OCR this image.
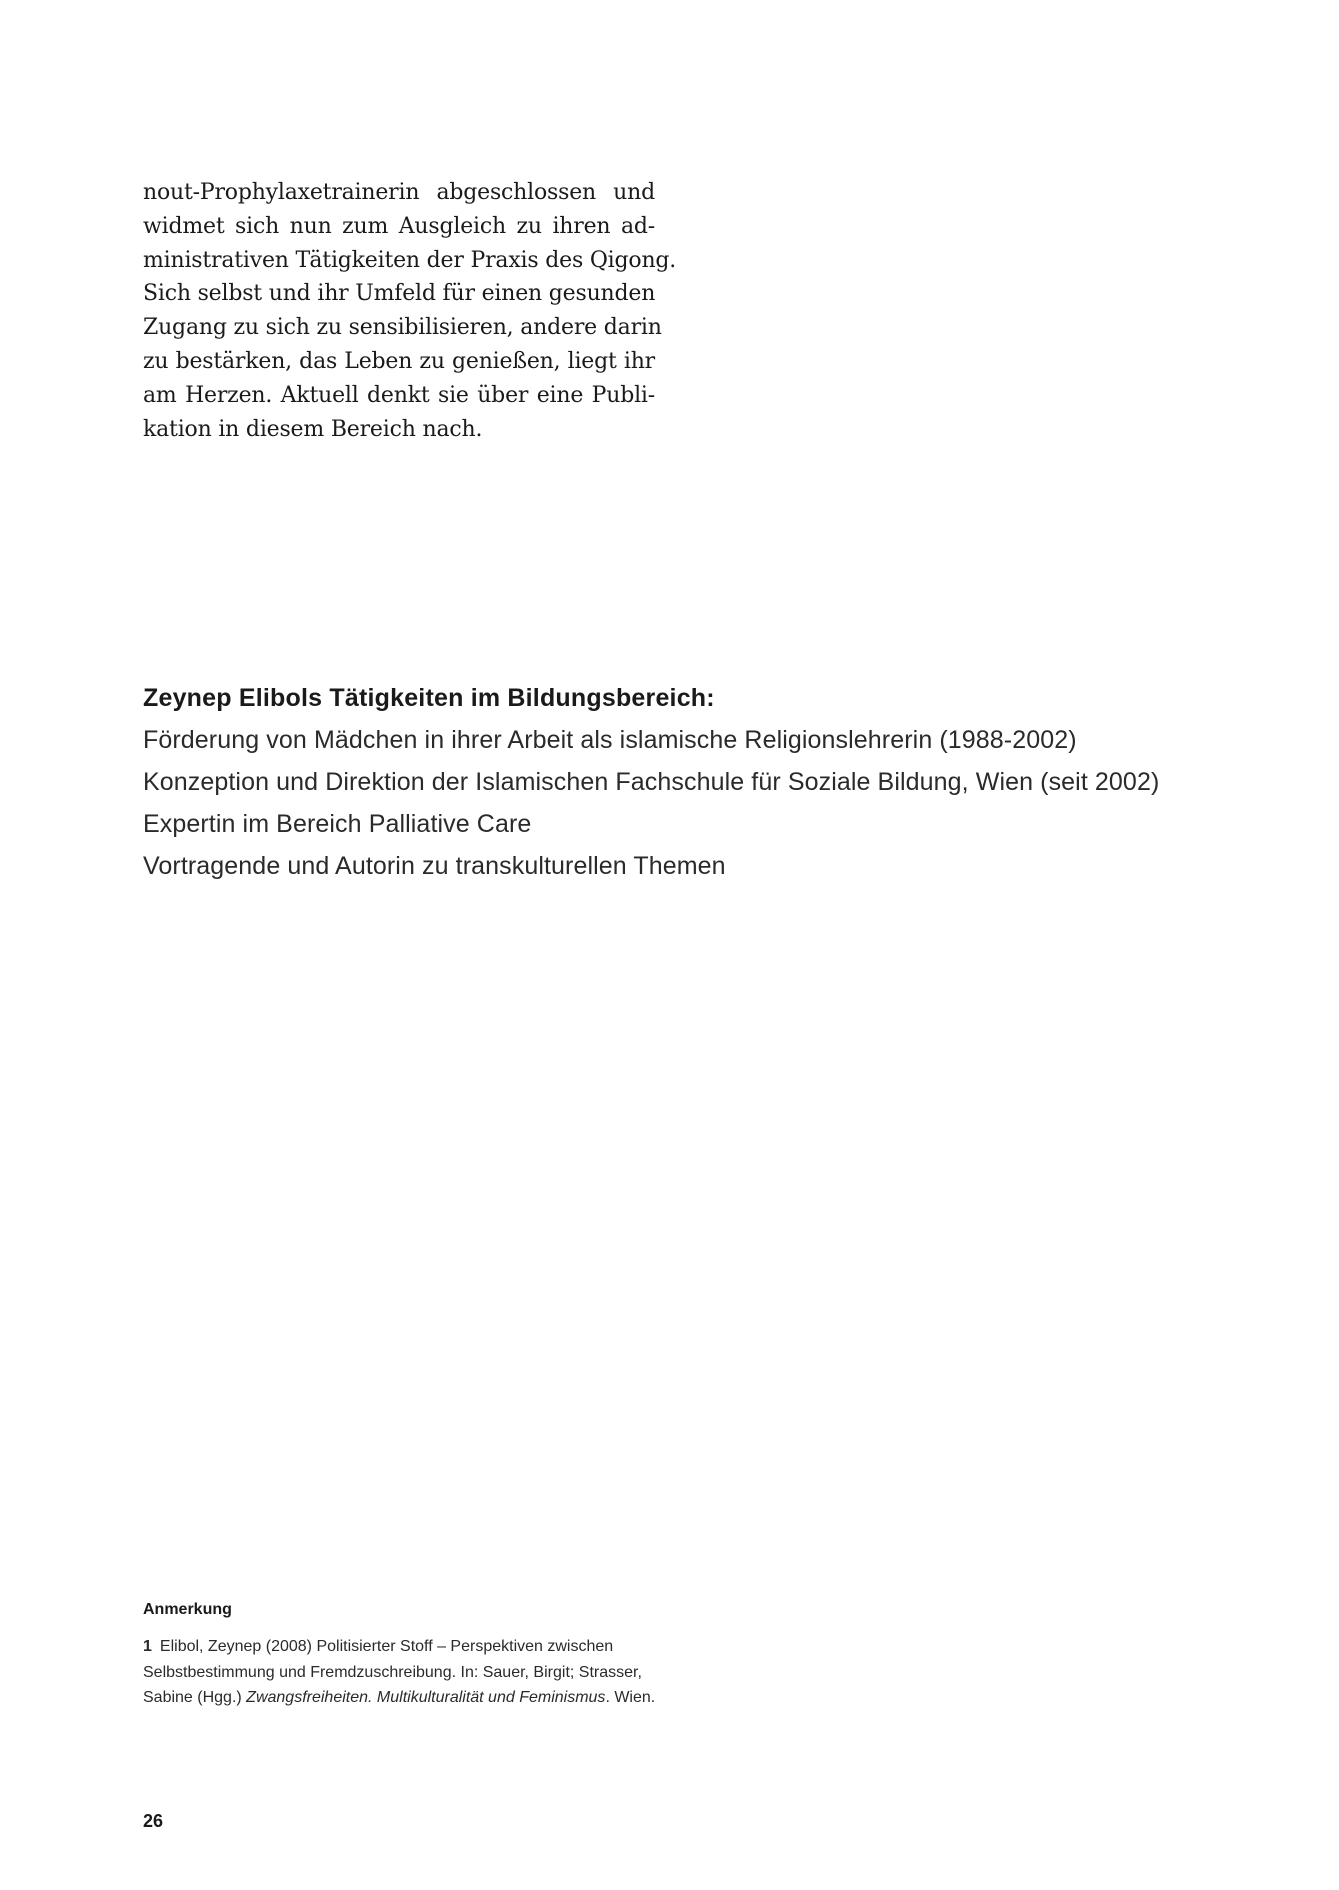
nout-Prophylaxetrainerin abgeschlossen und
widmet sich nun zum Ausgleich zu ihren ad-
ministrativen Tätigkeiten der Praxis des Qigong.
Sich selbst und ihr Umfeld für einen gesunden
Zugang zu sich zu sensibilisieren, andere darin
zu bestärken, das Leben zu genießen, liegt ihr
am Herzen. Aktuell denkt sie über eine Publi-
kation in diesem Bereich nach.
Zeynep Elibols Tätigkeiten im Bildungsbereich:
Förderung von Mädchen in ihrer Arbeit als islamische Religionslehrerin (1988-2002)
Konzeption und Direktion der Islamischen Fachschule für Soziale Bildung, Wien (seit 2002)
Expertin im Bereich Palliative Care
Vortragende und Autorin zu transkulturellen Themen
Anmerkung
1 Elibol, Zeynep (2008) Politisierter Stoff – Perspektiven zwischen Selbstbestimmung und Fremdzuschreibung. In: Sauer, Birgit; Strasser, Sabine (Hgg.) Zwangsfreiheiten. Multikulturalität und Feminismus. Wien.
26
